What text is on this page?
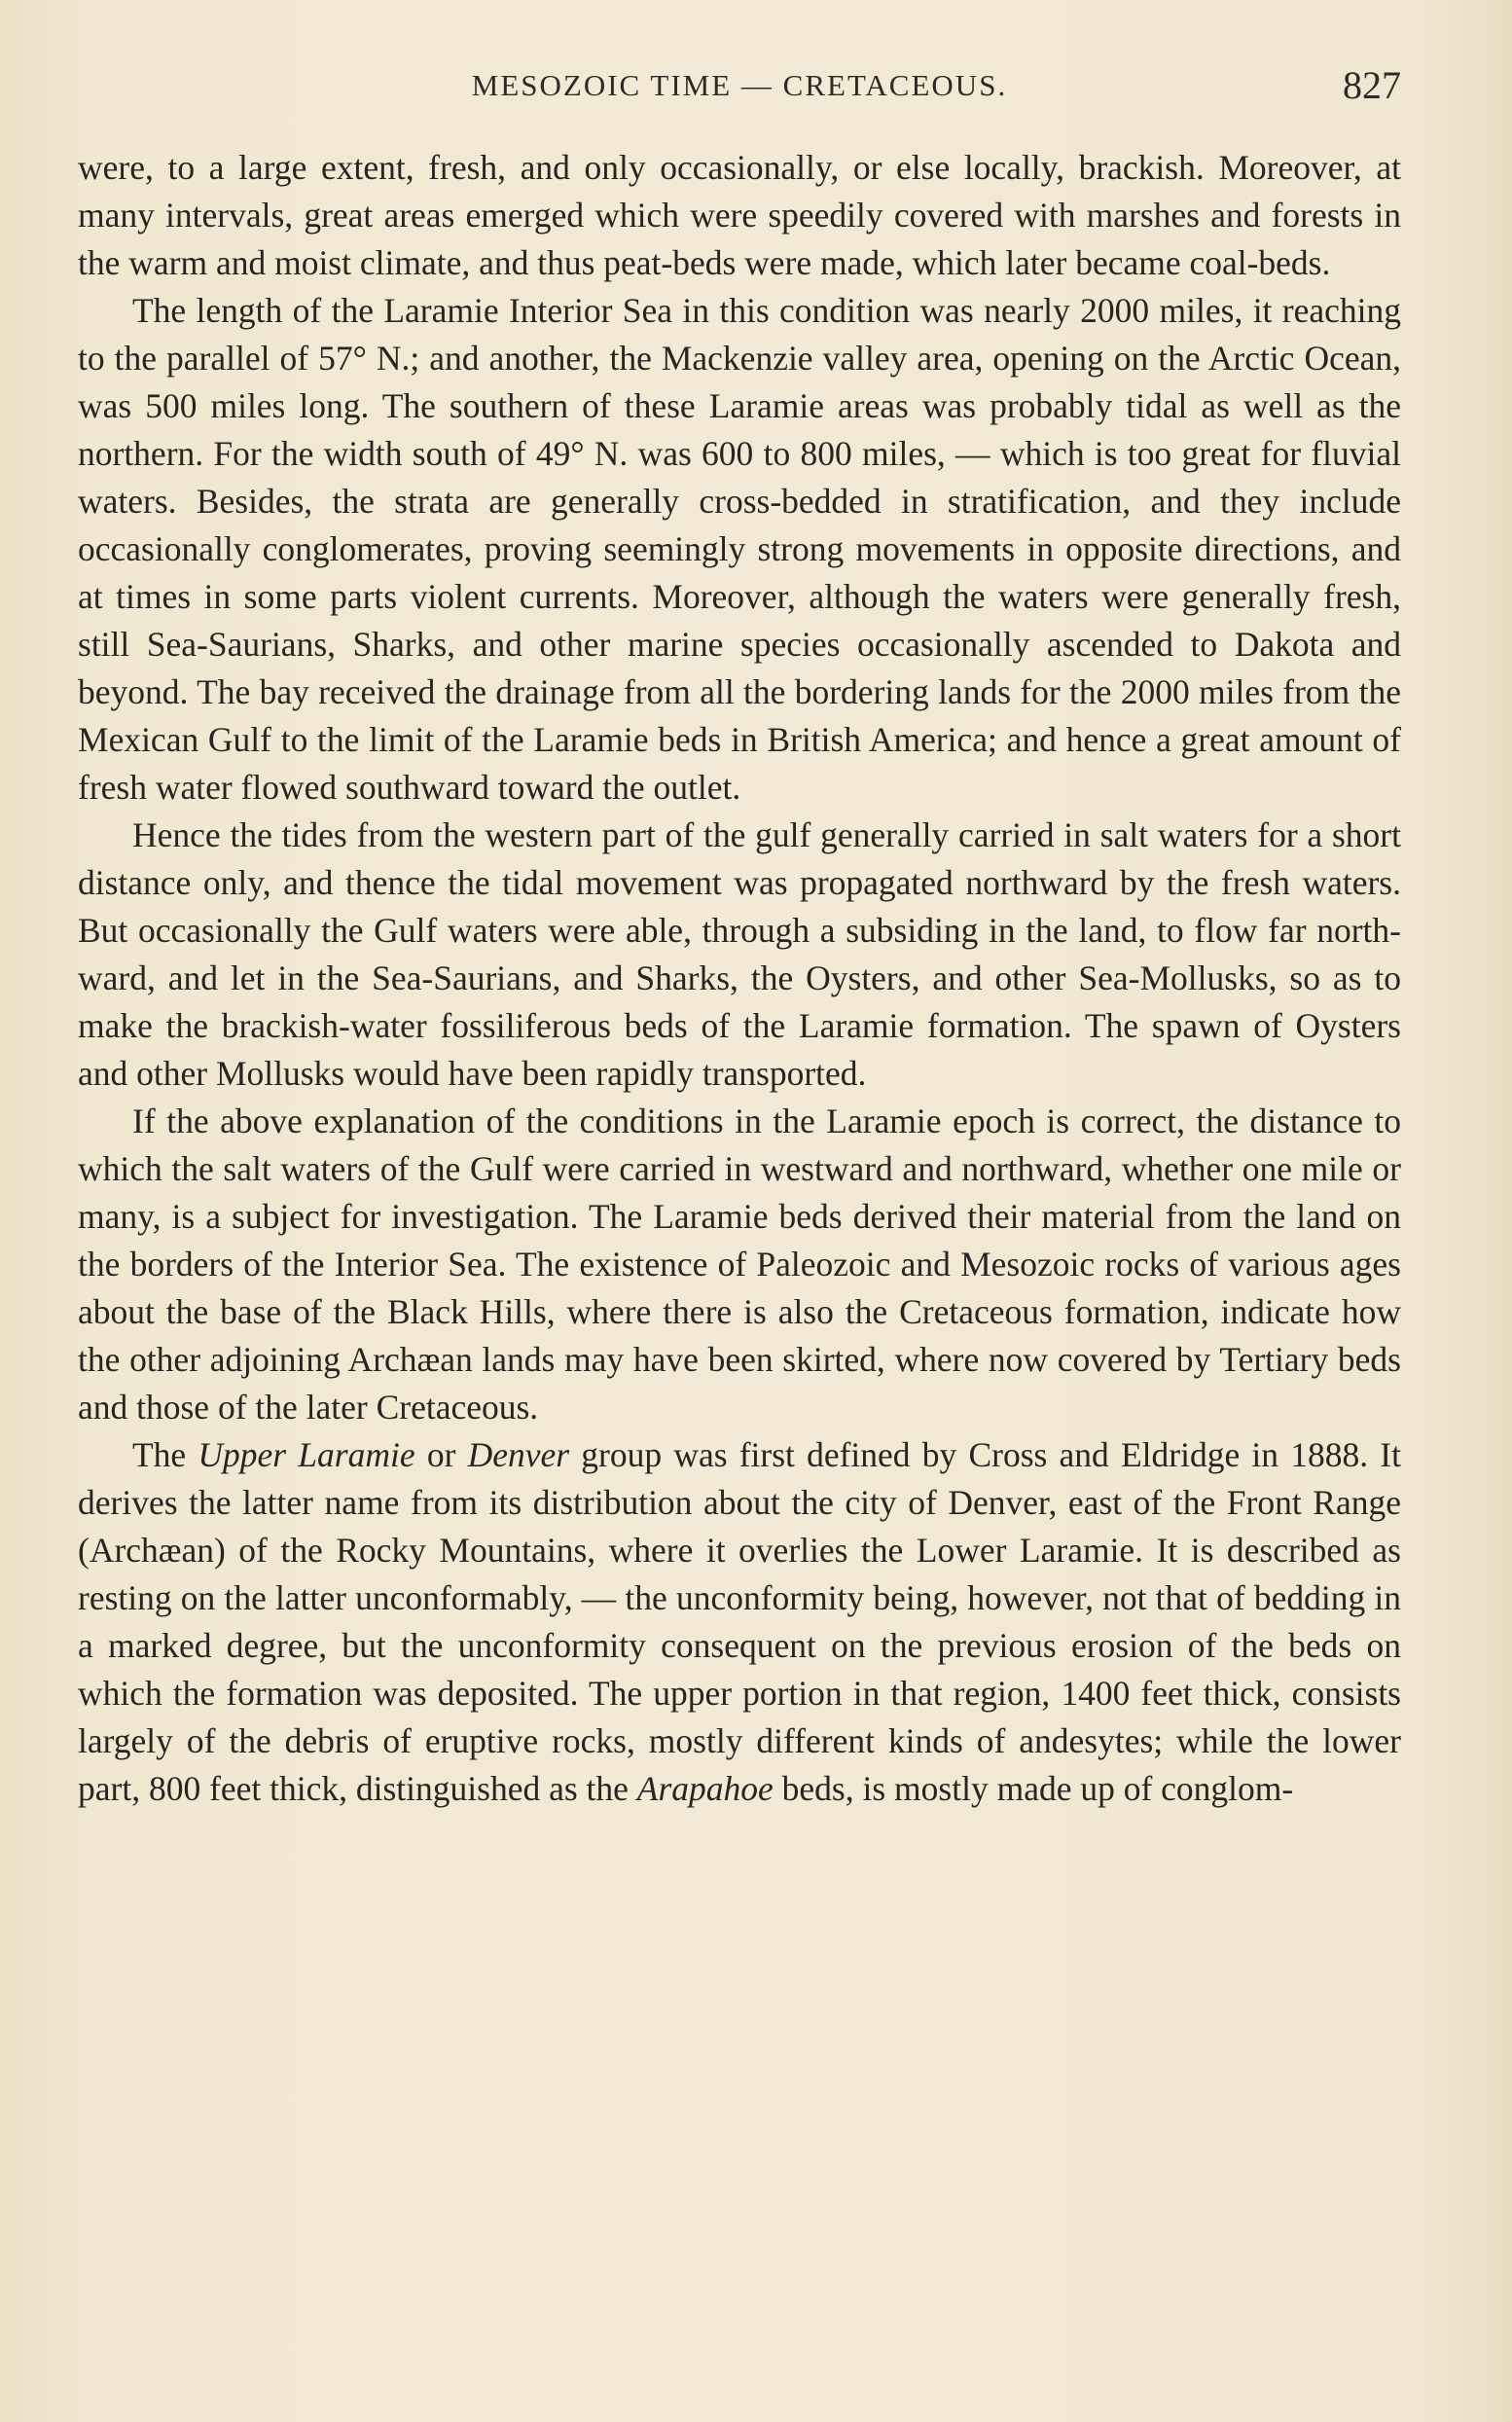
MESOZOIC TIME — CRETACEOUS.	827

were, to a large extent, fresh, and only occasionally, or else locally, brackish. Moreover, at many intervals, great areas emerged which were speedily covered with marshes and forests in the warm and moist climate, and thus peat-beds were made, which later became coal-beds.

The length of the Laramie Interior Sea in this condition was nearly 2000 miles, it reaching to the parallel of 57° N.; and another, the Mackenzie valley area, opening on the Arctic Ocean, was 500 miles long. The southern of these Laramie areas was probably tidal as well as the northern. For the width south of 49° N. was 600 to 800 miles, — which is too great for fluvial waters. Besides, the strata are generally cross-bedded in stratification, and they include occasionally conglomerates, proving seemingly strong movements in opposite directions, and at times in some parts violent currents. Moreover, although the waters were generally fresh, still Sea-Saurians, Sharks, and other marine species occasionally ascended to Dakota and beyond. The bay received the drainage from all the bordering lands for the 2000 miles from the Mexican Gulf to the limit of the Laramie beds in British America; and hence a great amount of fresh water flowed southward toward the outlet.

Hence the tides from the western part of the gulf generally carried in salt waters for a short distance only, and thence the tidal movement was propagated northward by the fresh waters. But occasionally the Gulf waters were able, through a subsiding in the land, to flow far northward, and let in the Sea-Saurians, and Sharks, the Oysters, and other Sea-Mollusks, so as to make the brackish-water fossiliferous beds of the Laramie formation. The spawn of Oysters and other Mollusks would have been rapidly transported.

If the above explanation of the conditions in the Laramie epoch is correct, the distance to which the salt waters of the Gulf were carried in westward and northward, whether one mile or many, is a subject for investigation. The Laramie beds derived their material from the land on the borders of the Interior Sea. The existence of Paleozoic and Mesozoic rocks of various ages about the base of the Black Hills, where there is also the Cretaceous formation, indicate how the other adjoining Archæan lands may have been skirted, where now covered by Tertiary beds and those of the later Cretaceous.

The Upper Laramie or Denver group was first defined by Cross and Eldridge in 1888. It derives the latter name from its distribution about the city of Denver, east of the Front Range (Archæan) of the Rocky Mountains, where it overlies the Lower Laramie. It is described as resting on the latter unconformably, — the unconformity being, however, not that of bedding in a marked degree, but the unconformity consequent on the previous erosion of the beds on which the formation was deposited. The upper portion in that region, 1400 feet thick, consists largely of the debris of eruptive rocks, mostly different kinds of andesytes; while the lower part, 800 feet thick, distinguished as the Arapahoe beds, is mostly made up of conglom-
